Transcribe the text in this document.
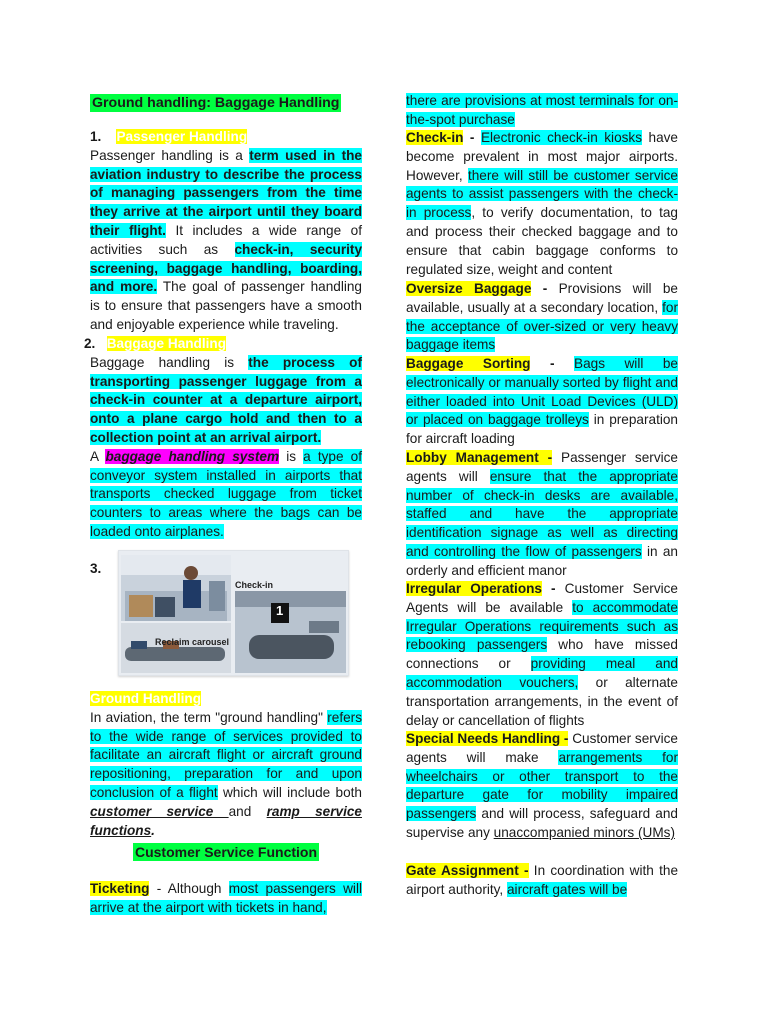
Ground handling: Baggage Handling
1. Passenger Handling

Passenger handling is a term used in the aviation industry to describe the process of managing passengers from the time they arrive at the airport until they board their flight. It includes a wide range of activities such as check-in, security screening, baggage handling, boarding, and more. The goal of passenger handling is to ensure that passengers have a smooth and enjoyable experience while traveling.

2. Baggage Handling

Baggage handling is the process of transporting passenger luggage from a check-in counter at a departure airport, onto a plane cargo hold and then to a collection point at an arrival airport.

A baggage handling system is a type of conveyor system installed in airports that transports checked luggage from ticket counters to areas where the bags can be loaded onto airplanes.

3.
Ground Handling

In aviation, the term "ground handling" refers to the wide range of services provided to facilitate an aircraft flight or aircraft ground repositioning, preparation for and upon conclusion of a flight which will include both customer service and ramp service functions.

Customer Service Function

Ticketing - Although most passengers will arrive at the airport with tickets in hand,

Check-in
Reclaim carousel
1

there are provisions at most terminals for on-the-spot purchase

Check-in - Electronic check-in kiosks have become prevalent in most major airports. However, there will still be customer service agents to assist passengers with the check-in process, to verify documentation, to tag and process their checked baggage and to ensure that cabin baggage conforms to regulated size, weight and content

Oversize Baggage - Provisions will be available, usually at a secondary location, for the acceptance of over-sized or very heavy baggage items

Baggage Sorting - Bags will be electronically or manually sorted by flight and either loaded into Unit Load Devices (ULD) or placed on baggage trolleys in preparation for aircraft loading

Lobby Management - Passenger service agents will ensure that the appropriate number of check-in desks are available, staffed and have the appropriate identification signage as well as directing and controlling the flow of passengers in an orderly and efficient manor

Irregular Operations - Customer Service Agents will be available to accommodate Irregular Operations requirements such as rebooking passengers who have missed connections or providing meal and accommodation vouchers, or alternate transportation arrangements, in the event of delay or cancellation of flights

Special Needs Handling - Customer service agents will make arrangements for wheelchairs or other transport to the departure gate for mobility impaired passengers and will process, safeguard and supervise any unaccompanied minors (UMs)

Gate Assignment - In coordination with the airport authority, aircraft gates will be
